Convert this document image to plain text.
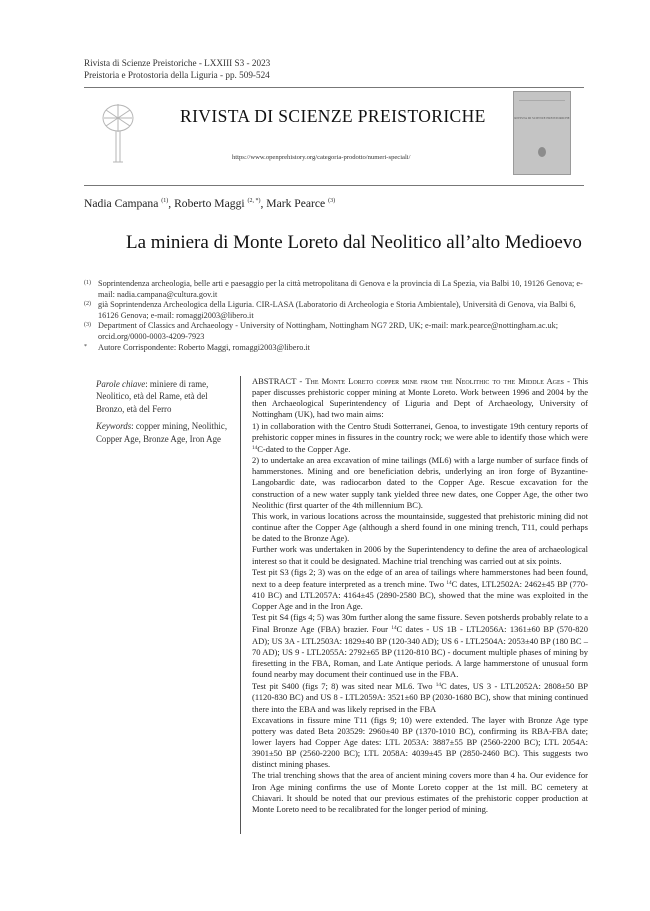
Rivista di Scienze Preistoriche - LXXIII S3 - 2023
Preistoria e Protostoria della Liguria - pp. 509-524
RIVISTA DI SCIENZE PREISTORICHE
https://www.openprehistory.org/categoria-prodotto/numeri-speciali/
RIVISTA DI SCIENZE PREISTORICHE
Nadia Campana $^{(1)}$, Roberto Maggi $^{(2, *)}$, Mark Pearce $^{(3)}$
La miniera di Monte Loreto dal Neolitico all’alto Medioevo
(1) Soprintendenza archeologia, belle arti e paesaggio per la città metropolitana di Genova e la provincia di La Spezia, via Balbi 10, 19126 Genova; e-mail: nadia.campana@cultura.gov.it
(2) già Soprintendenza Archeologica della Liguria. CIR-LASA (Laboratorio di Archeologia e Storia Ambientale), Università di Genova, via Balbi 6, 16126 Genova; e-mail: romaggi2003@libero.it
(3) Department of Classics and Archaeology - University of Nottingham, Nottingham NG7 2RD, UK; e-mail: mark.pearce@nottingham.ac.uk; orcid.org/0000-0003-4209-7923
* Autore Corrispondente: Roberto Maggi, romaggi2003@libero.it

Parole chiave: miniere di rame, Neolitico, età del Rame, età del Bronzo, età del Ferro

Keywords: copper mining, Neolithic, Copper Age, Bronze Age, Iron Age

ABSTRACT - The Monte Loreto copper mine from the Neolithic to the Middle Ages - This paper discusses prehistoric copper mining at Monte Loreto. Work between 1996 and 2004 by the then Archaeological Superintendency of Liguria and Dept of Archaeology, University of Nottingham (UK), had two main aims:

1) in collaboration with the Centro Studi Sotterranei, Genoa, to investigate 19th century reports of prehistoric copper mines in fissures in the country rock; we were able to identify those which were $^{14}$C-dated to the Copper Age.

2) to undertake an area excavation of mine tailings (ML6) with a large number of surface finds of hammerstones. Mining and ore beneficiation debris, underlying an iron forge of Byzantine-Langobardic date, was radiocarbon dated to the Copper Age. Rescue excavation for the construction of a new water supply tank yielded three new dates, one Copper Age, the other two Neolithic (first quarter of the 4th millennium BC).

This work, in various locations across the mountainside, suggested that prehistoric mining did not continue after the Copper Age (although a sherd found in one mining trench, T11, could perhaps be dated to the Bronze Age).

Further work was undertaken in 2006 by the Superintendency to define the area of archaeological interest so that it could be designated. Machine trial trenching was carried out at six points.

Test pit S3 (figs 2; 3) was on the edge of an area of tailings where hammerstones had been found, next to a deep feature interpreted as a trench mine. Two $^{14}$C dates, LTL2502A: 2462±45 BP (770-410 BC) and LTL2057A: 4164±45 (2890-2580 BC), showed that the mine was exploited in the Copper Age and in the Iron Age.

Test pit S4 (figs 4; 5) was 30m further along the same fissure. Seven potsherds probably relate to a Final Bronze Age (FBA) brazier. Four $^{14}$C dates - US 1B - LTL2056A: 1361±60 BP (570-820 AD); US 3A - LTL2503A: 1829±40 BP (120-340 AD); US 6 - LTL2504A: 2053±40 BP (180 BC – 70 AD); US 9 - LTL2055A: 2792±65 BP (1120-810 BC) - document multiple phases of mining by firesetting in the FBA, Roman, and Late Antique periods. A large hammerstone of unusual form found nearby may document their continued use in the FBA.

Test pit S400 (figs 7; 8) was sited near ML6. Two $^{14}$C dates, US 3 - LTL2052A: 2808±50 BP (1120-830 BC) and US 8 - LTL2059A: 3521±60 BP (2030-1680 BC), show that mining continued there into the EBA and was likely reprised in the FBA

Excavations in fissure mine T11 (figs 9; 10) were extended. The layer with Bronze Age type pottery was dated Beta 203529: 2960±40 BP (1370-1010 BC), confirming its RBA-FBA date; lower layers had Copper Age dates: LTL 2053A: 3887±55 BP (2560-2200 BC); LTL 2054A: 3901±50 BP (2560-2200 BC); LTL 2058A: 4039±45 BP (2850-2460 BC). This suggests two distinct mining phases.

The trial trenching shows that the area of ancient mining covers more than 4 ha. Our evidence for Iron Age mining confirms the use of Monte Loreto copper at the 1st mill. BC cemetery at Chiavari. It should be noted that our previous estimates of the prehistoric copper production at Monte Loreto need to be recalibrated for the longer period of mining.
